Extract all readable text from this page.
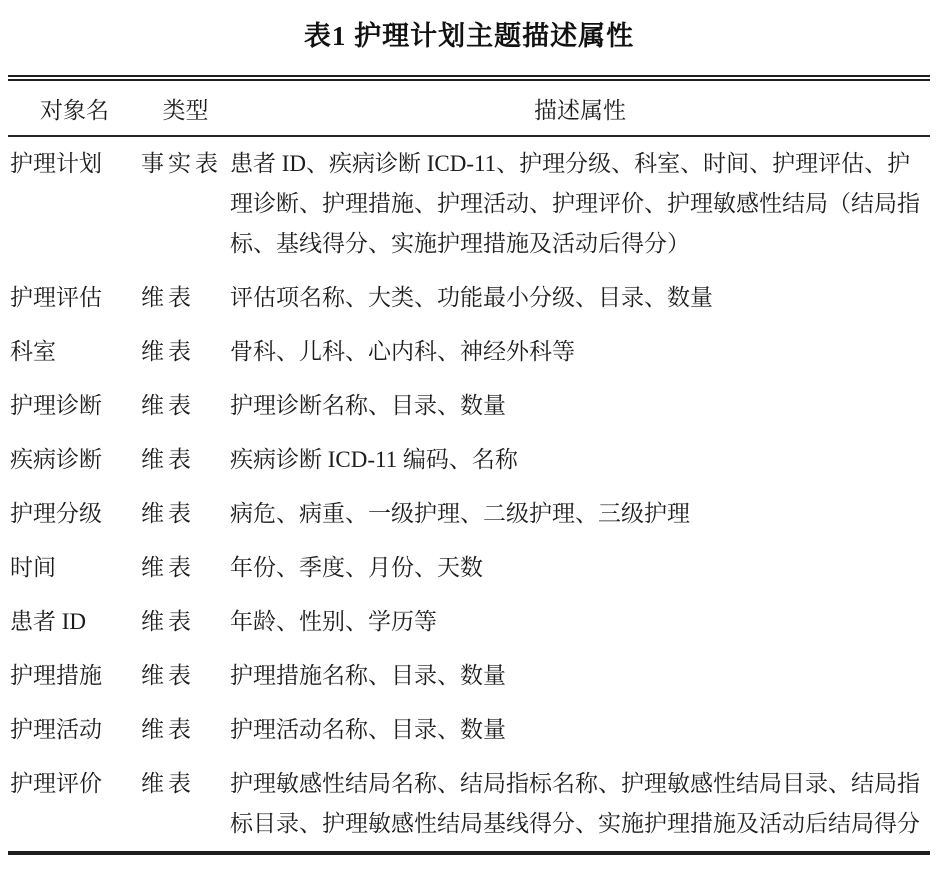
表1 护理计划主题描述属性
对象名	类型	描述属性
护理计划	事实表	患者 ID、疾病诊断 ICD-11、护理分级、科室、时间、护理评估、护理诊断、护理措施、护理活动、护理评价、护理敏感性结局（结局指标、基线得分、实施护理措施及活动后得分）
护理评估	维表	评估项名称、大类、功能最小分级、目录、数量
科室	维表	骨科、儿科、心内科、神经外科等
护理诊断	维表	护理诊断名称、目录、数量
疾病诊断	维表	疾病诊断 ICD-11 编码、名称
护理分级	维表	病危、病重、一级护理、二级护理、三级护理
时间	维表	年份、季度、月份、天数
患者 ID	维表	年龄、性别、学历等
护理措施	维表	护理措施名称、目录、数量
护理活动	维表	护理活动名称、目录、数量
护理评价	维表	护理敏感性结局名称、结局指标名称、护理敏感性结局目录、结局指标目录、护理敏感性结局基线得分、实施护理措施及活动后结局得分
